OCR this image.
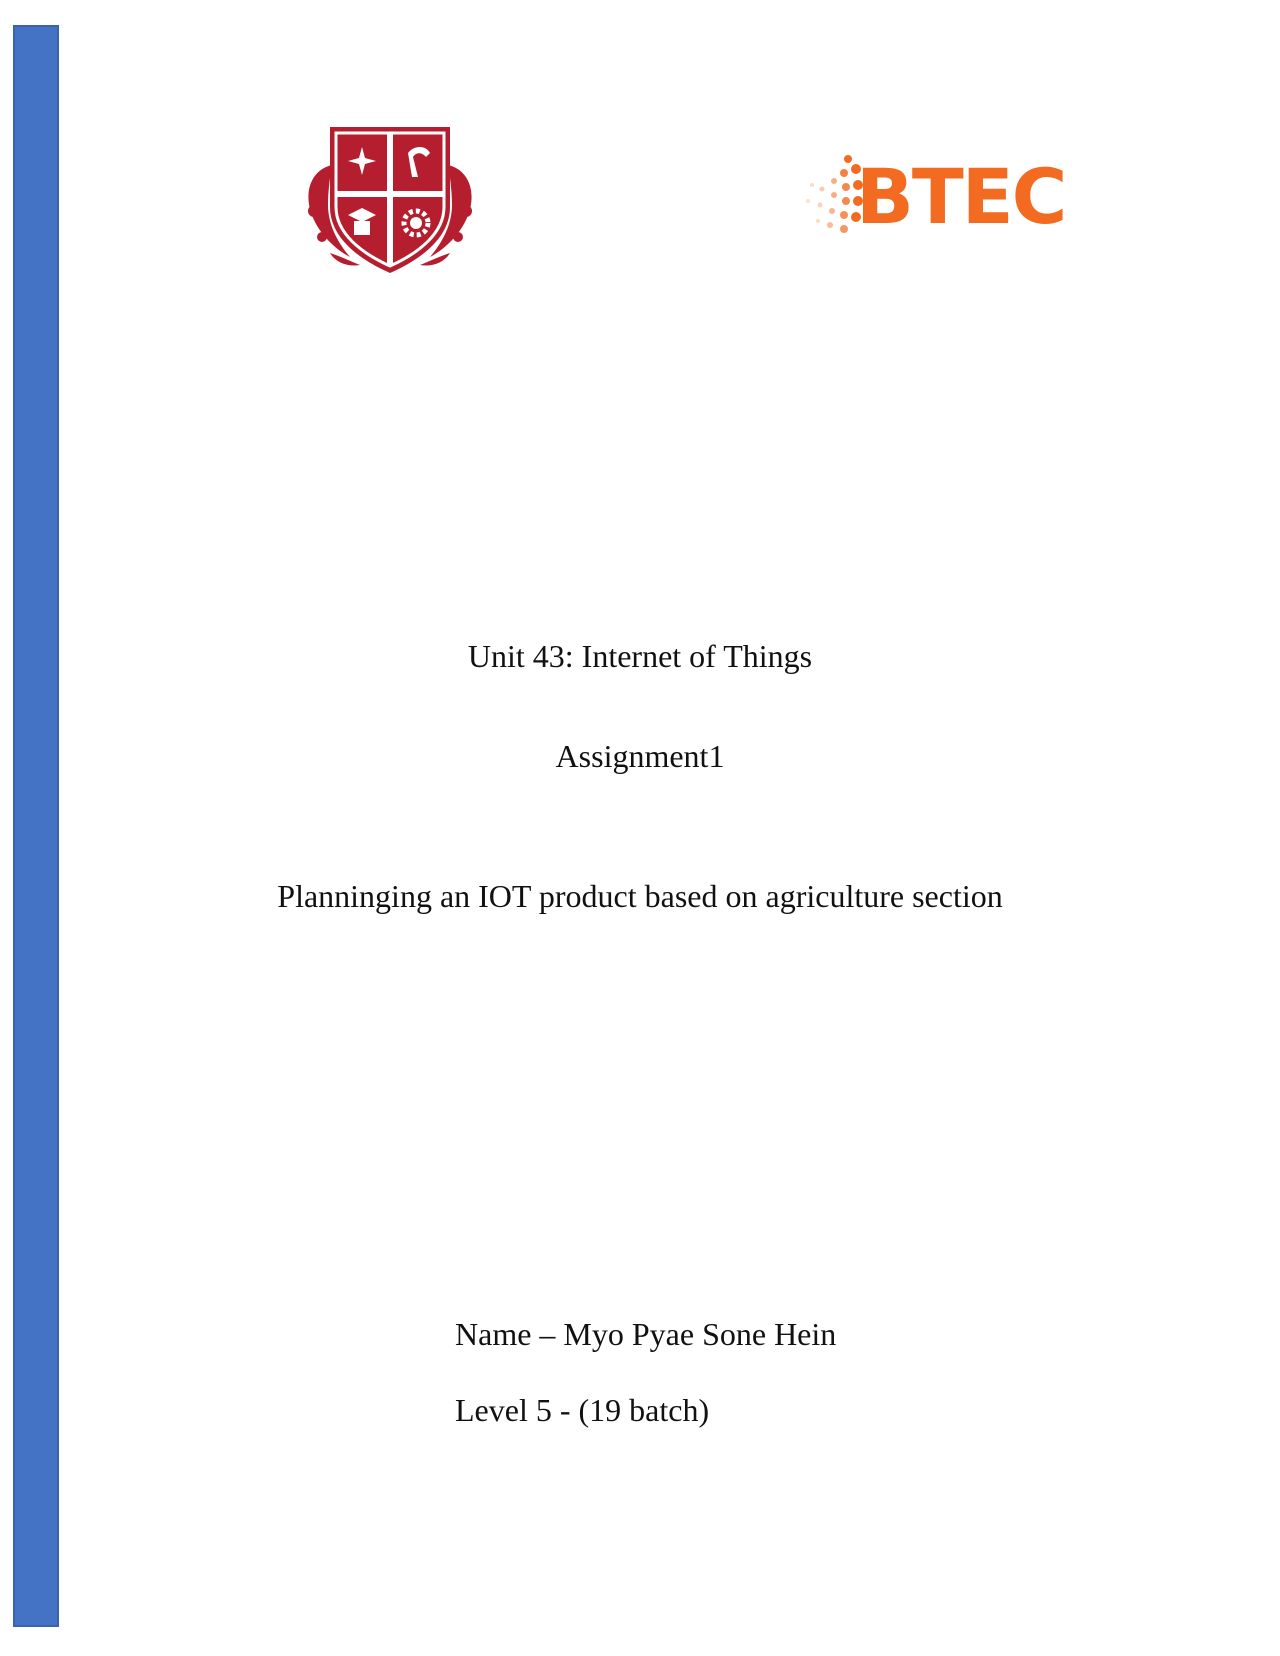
BTEC
Unit 43: Internet of Things
Assignment1
Planninging an IOT product based on agriculture section
Name – Myo Pyae Sone Hein
Level 5 - (19 batch)
